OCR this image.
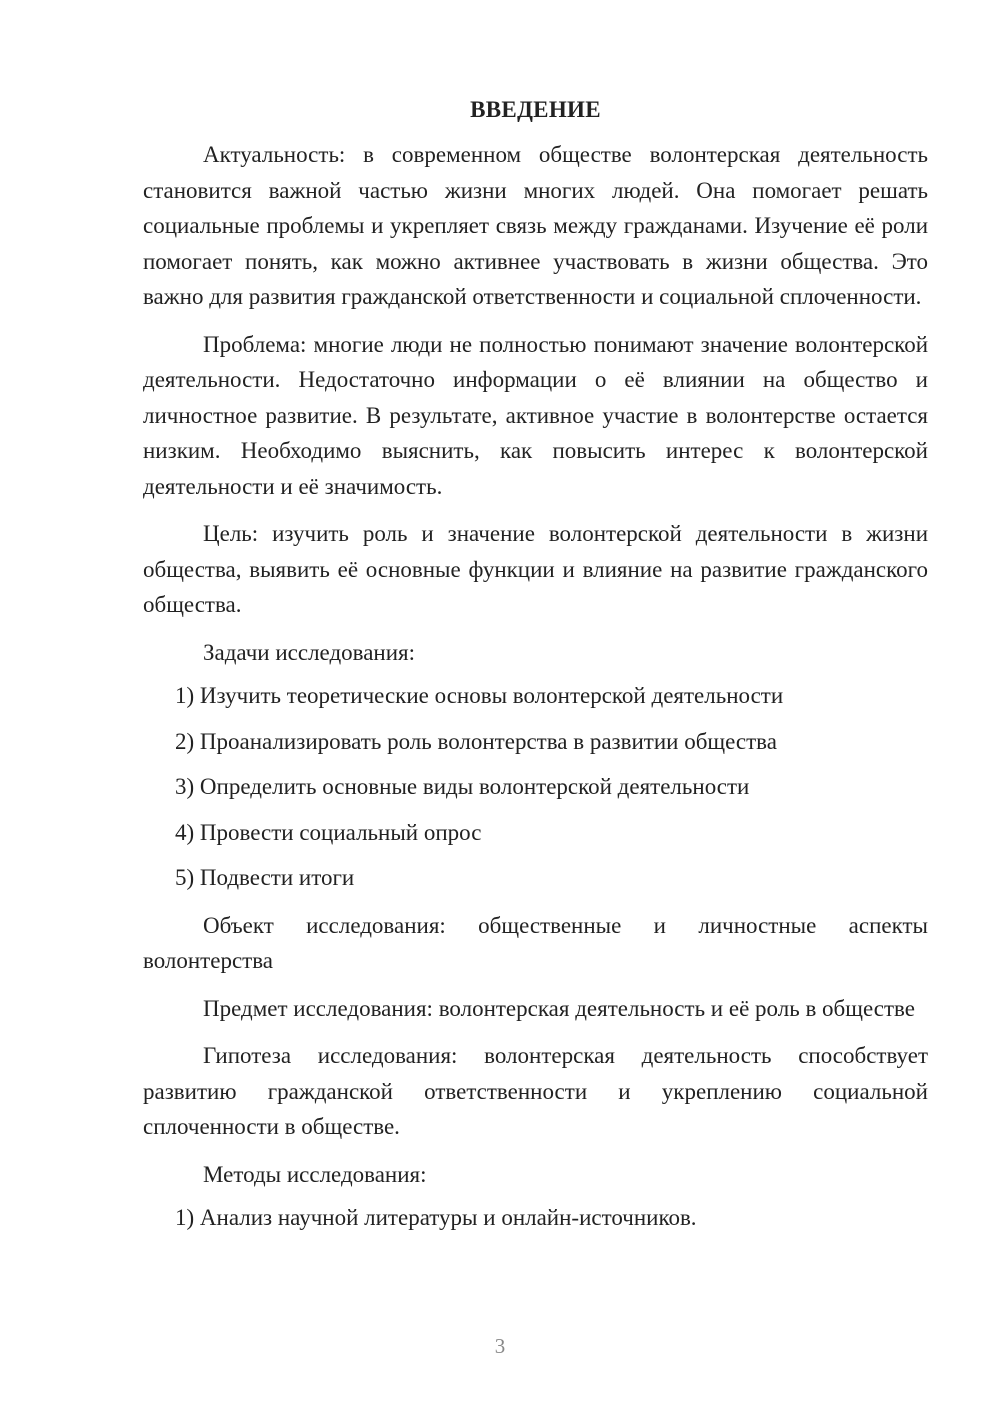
ВВЕДЕНИЕ

Актуальность: в современном обществе волонтерская деятельность становится важной частью жизни многих людей. Она помогает решать социальные проблемы и укрепляет связь между гражданами. Изучение её роли помогает понять, как можно активнее участвовать в жизни общества. Это важно для развития гражданской ответственности и социальной сплоченности.

Проблема: многие люди не полностью понимают значение волонтерской деятельности. Недостаточно информации о её влиянии на общество и личностное развитие. В результате, активное участие в волонтерстве остается низким. Необходимо выяснить, как повысить интерес к волонтерской деятельности и её значимость.

Цель: изучить роль и значение волонтерской деятельности в жизни общества, выявить её основные функции и влияние на развитие гражданского общества.

Задачи исследования:

1) Изучить теоретические основы волонтерской деятельности

2) Проанализировать роль волонтерства в развитии общества

3) Определить основные виды волонтерской деятельности

4) Провести социальный опрос

5) Подвести итоги

Объект исследования: общественные и личностные аспекты волонтерства

Предмет исследования: волонтерская деятельность и её роль в обществе

Гипотеза исследования: волонтерская деятельность способствует развитию гражданской ответственности и укреплению социальной сплоченности в обществе.

Методы исследования:

1) Анализ научной литературы и онлайн-источников.

3
